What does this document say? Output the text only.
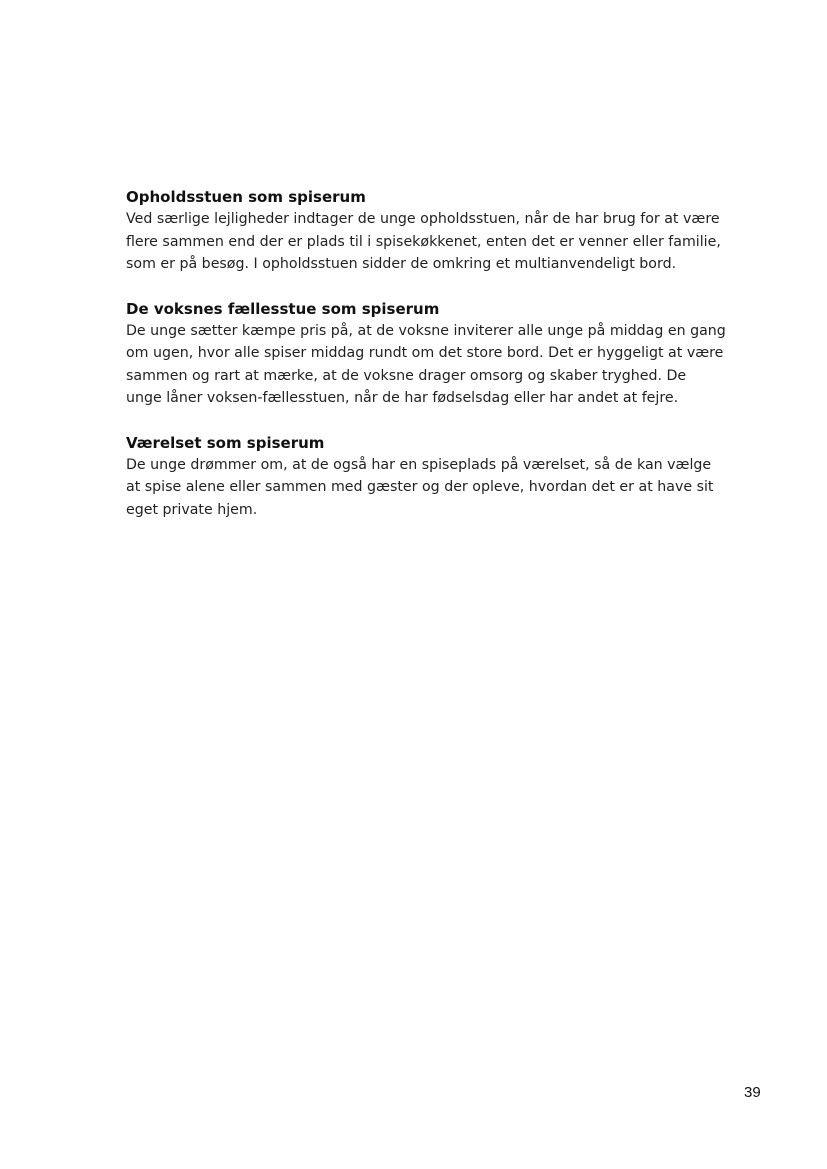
Opholdsstuen som spiserum

Ved særlige lejligheder indtager de unge opholdsstuen, når de har brug for at være flere sammen end der er plads til i spisekøkkenet, enten det er venner eller familie, som er på besøg. I opholdsstuen sidder de omkring et multianvendeligt bord.

De voksnes fællesstue som spiserum

De unge sætter kæmpe pris på, at de voksne inviterer alle unge på middag en gang om ugen, hvor alle spiser middag rundt om det store bord. Det er hyggeligt at være sammen og rart at mærke, at de voksne drager omsorg og skaber tryghed. De unge låner voksen-fællesstuen, når de har fødselsdag eller har andet at fejre.

Værelset som spiserum

De unge drømmer om, at de også har en spiseplads på værelset, så de kan vælge at spise alene eller sammen med gæster og der opleve, hvordan det er at have sit eget private hjem.

39
